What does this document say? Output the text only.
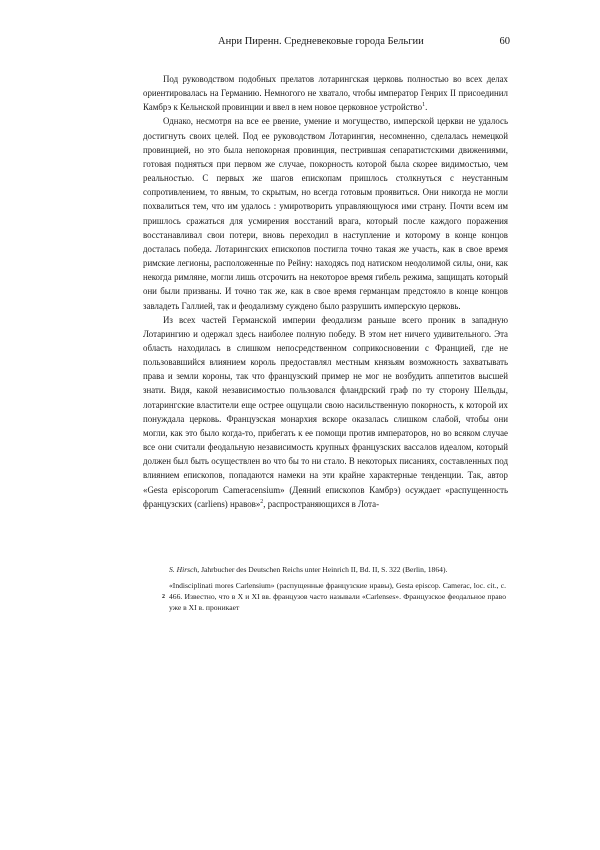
Анри Пиренн. Средневековые города Бельгии	60

Под руководством подобных прелатов лотарингская церковь полностью во всех делах ориентировалась на Германию. Немногого не хватало, чтобы император Генрих II присоединил Камбрэ к Кельнской провинции и ввел в нем новое церковное устройство$^1$.

Однако, несмотря на все ее рвение, умение и могущество, имперской церкви не удалось достигнуть своих целей. Под ее руководством Лотарингия, несомненно, сделалась немецкой провинцией, но это была непокорная провинция, пестрившая сепаратистскими движениями, готовая подняться при первом же случае, покорность которой была скорее видимостью, чем реальностью. С первых же шагов епископам пришлось столкнуться с неустанным сопротивлением, то явным, то скрытым, но всегда готовым проявиться. Они никогда не могли похвалиться тем, что им удалось : умиротворить управляющуюся ими страну. Почти всем им пришлось сражаться для усмирения восстаний врага, который после каждого поражения восстанавливал свои потери, вновь переходил в наступление и которому в конце концов досталась победа. Лотарингских епископов постигла точно такая же участь, как в свое время римские легионы, расположенные по Рейну: находясь под натиском неодолимой силы, они, как некогда римляне, могли лишь отсрочить на некоторое время гибель режима, защищать который они были призваны. И точно так же, как в свое время германцам предстояло в конце концов завладеть Галлией, так и феодализму суждено было разрушить имперскую церковь.

Из всех частей Германской империи феодализм раньше всего проник в западную Лотарингию и одержал здесь наиболее полную победу. В этом нет ничего удивительного. Эта область находилась в слишком непосредственном соприкосновении с Францией, где не пользовавшийся влиянием король предоставлял местным князьям возможность захватывать права и земли короны, так что французский пример не мог не возбудить аппетитов высшей знати. Видя, какой независимостью пользовался фландрский граф по ту сторону Шельды, лотарингские властители еще острее ощущали свою насильственную покорность, к которой их понуждала церковь. Французская монархия вскоре оказалась слишком слабой, чтобы они могли, как это было когда-то, прибегать к ее помощи против императоров, но во всяком случае все они считали феодальную независимость крупных французских вассалов идеалом, который должен был быть осуществлен во что бы то ни стало. В некоторых писаниях, составленных под влиянием епископов, попадаются намеки на эти крайне характерные тенденции. Так, автор «Gesta episcoporum Cameracensium» (Деяний епископов Камбрэ) осуждает «распущенность французских (carliens) нравов»$^2$, распространяющихся в Лота-

S. Hirsch, Jahrbucher des Deutschen Reichs unter Heinrich II, Bd. II, S. 322 (Berlin, 1864).
2
«Indisciplinati mores Carlensium» (распущенные французские нравы), Gesta episcop. Camerac, loc. cit., с. 466. Известно, что в X и XI вв. французов часто называли «Carlenses». Французское феодальное право уже в XI в. проникает
